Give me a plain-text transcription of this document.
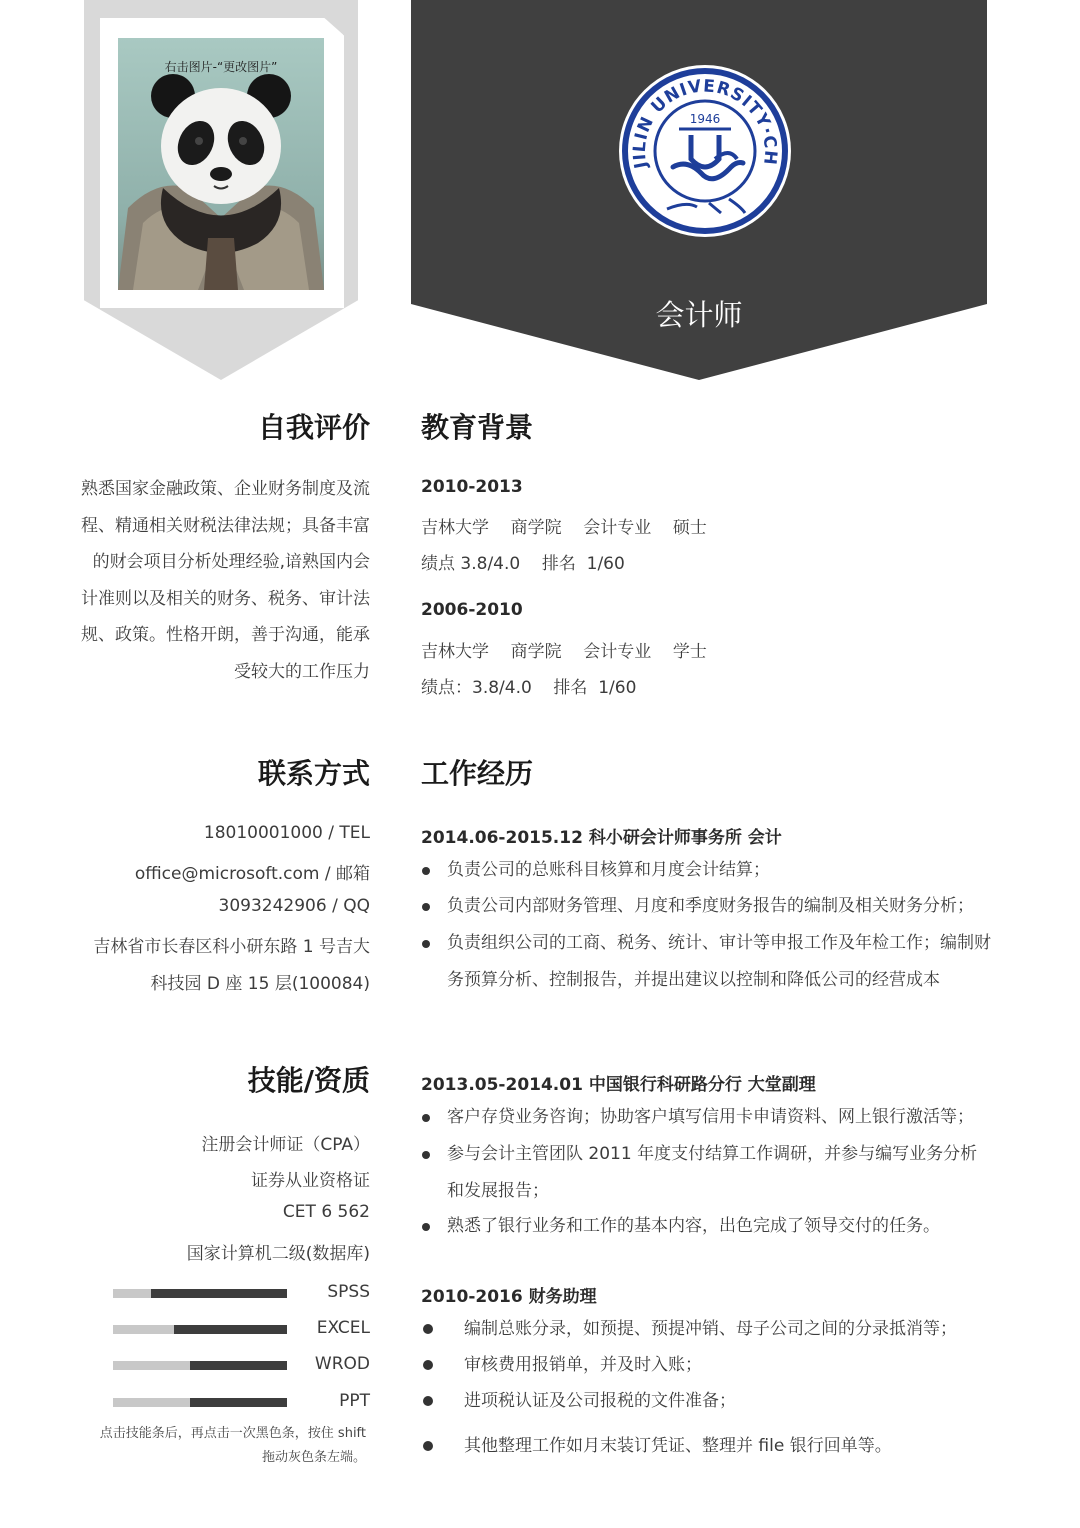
右击图片-“更改图片”
JILIN UNIVERSITY·CH
1946
会计师
自我评价
熟悉国家金融政策、企业财务制度及流
程、精通相关财税法律法规；具备丰富
的财会项目分析处理经验,谙熟国内会
计准则以及相关的财务、税务、审计法
规、政策。性格开朗，善于沟通，能承
受较大的工作压力
联系方式
18010001000 / TEL
office@microsoft.com / 邮箱
3093242906 / QQ
吉林省市长春区科小研东路 1 号吉大
科技园 D 座 15 层(100084)
技能/资质
注册会计师证（CPA）
证券从业资格证
CET 6 562
国家计算机二级(数据库)
SPSS
EXCEL
WROD
PPT
点击技能条后，再点击一次黑色条，按住 shift
拖动灰色条左端。
教育背景
2010-2013
吉林大学    商学院    会计专业    硕士
绩点 3.8/4.0    排名  1/60
2006-2010
吉林大学    商学院    会计专业    学士
绩点：3.8/4.0    排名  1/60
工作经历
2014.06-2015.12 科小研会计师事务所 会计
负责公司的总账科目核算和月度会计结算；
负责公司内部财务管理、月度和季度财务报告的编制及相关财务分析；
负责组织公司的工商、税务、统计、审计等申报工作及年检工作；编制财务预算分析、控制报告，并提出建议以控制和降低公司的经营成本
2013.05-2014.01 中国银行科研路分行 大堂副理
客户存贷业务咨询；协助客户填写信用卡申请资料、网上银行激活等；
参与会计主管团队 2011 年度支付结算工作调研，并参与编写业务分析和发展报告；
熟悉了银行业务和工作的基本内容，出色完成了领导交付的任务。
2010-2016 财务助理
编制总账分录，如预提、预提冲销、母子公司之间的分录抵消等；
审核费用报销单，并及时入账；
进项税认证及公司报税的文件准备；
其他整理工作如月末装订凭证、整理并 file 银行回单等。
